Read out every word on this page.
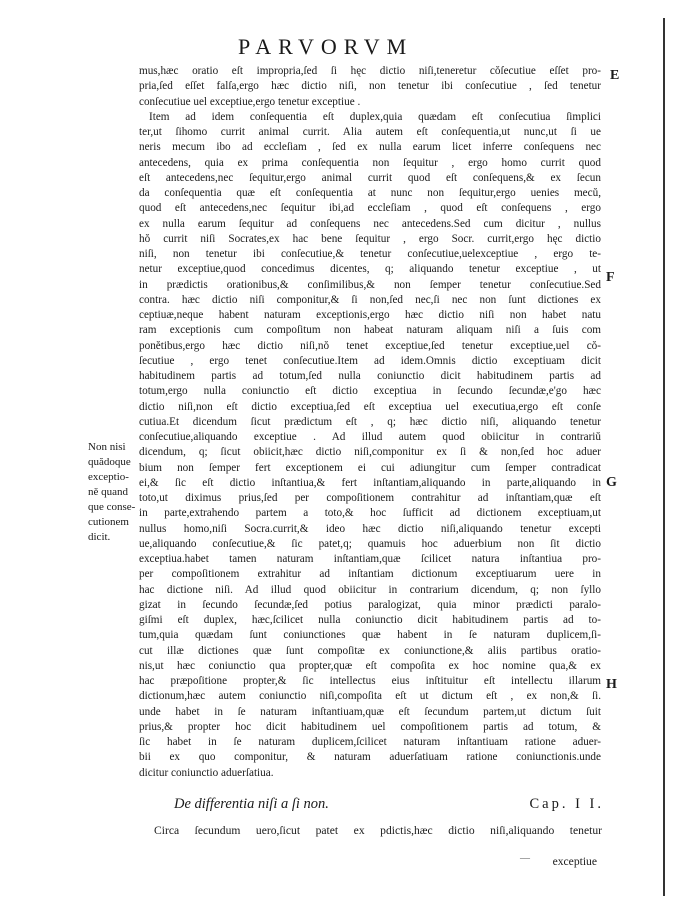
PARVORVM
E
F
G
H
Non nisi
quădoque
exceptio-
ně quand
que conse-
cutionem
dicit.
mus,hæc oratio eſt impropria,ſed ſi hęc dictio niſi,teneretur cŏſecutiue eſſet pro-
pria,ſed eſſet falſa,ergo hæc dictio niſi, non tenetur ibi conſecutiue , ſed tenetur
conſecutiue uel exceptiue,ergo tenetur exceptiue .
Item ad idem conſequentia eſt duplex,quia quædam eſt conſecutiua ſimplici
ter,ut ſihomo currit animal currit. Alia autem eſt conſequentia,ut nunc,ut ſi ue
neris mecum ibo ad eccleſiam , ſed ex nulla earum licet inferre conſequens nec
antecedens, quia ex prima conſequentia non ſequitur , ergo homo currit quod
eſt antecedens,nec ſequitur,ergo animal currit quod eſt conſequens,& ex ſecun
da conſequentia quæ eſt conſequentia at nunc non ſequitur,ergo uenies mecŭ,
quod eſt antecedens,nec ſequitur ibi,ad eccleſiam , quod eſt conſequens , ergo
ex nulla earum ſequitur ad conſequens nec antecedens.Sed cum dicitur , nullus
hŏ currit niſi Socrates,ex hac bene ſequitur , ergo Socr. currit,ergo hęc dictio
niſi, non tenetur ibi conſecutiue,& tenetur conſecutiue,uelexceptiue , ergo te-
netur exceptiue,quod concedimus dicentes, q; aliquando tenetur exceptiue , ut
in prædictis orationibus,& conſimilibus,& non ſemper tenetur conſecutiue.Sed
contra. hæc dictio niſi componitur,& ſi non,ſed nec,ſi nec non ſunt dictiones ex
ceptiuæ,neque habent naturam exceptionis,ergo hæc dictio niſi non habet natu
ram exceptionis cum compoſitum non habeat naturam aliquam niſi a ſuis com
ponĕtibus,ergo hæc dictio niſi,nŏ tenet exceptiue,ſed tenetur exceptiue,uel cŏ-
ſecutiue , ergo tenet conſecutiue.Item ad idem.Omnis dictio exceptiuam dicit
habitudinem partis ad totum,ſed nulla coniunctio dicit habitudinem partis ad
totum,ergo nulla coniunctio eſt dictio exceptiua in ſecundo ſecundæ,e'go hæc
dictio niſi,non eſt dictio exceptiua,ſed eſt exceptiua uel executiua,ergo eſt conſe
cutiua.Et dicendum ſicut prædictum eſt , q; hæc dictio niſi, aliquando tenetur
conſecutiue,aliquando exceptiue . Ad illud autem quod obiicitur in contrariŭ
dicendum, q; ſicut obiicit,hæc dictio niſi,componitur ex ſi & non,ſed hoc aduer
bium non ſemper fert exceptionem ei cui adiungitur cum ſemper contradicat
ei,& ſic eſt dictio inſtantiua,& fert inſtantiam,aliquando in parte,aliquando in
toto,ut diximus prius,ſed per compoſitionem contrahitur ad inſtantiam,quæ eſt
in parte,extrahendo partem a toto,& hoc ſufficit ad dictionem exceptiuam,ut
nullus homo,niſi Socra.currit,& ideo hæc dictio niſi,aliquando tenetur excepti
ue,aliquando conſecutiue,& ſic patet,q; quamuis hoc aduerbium non ſit dictio
exceptiua.habet tamen naturam inſtantiam,quæ ſcilicet natura inſtantiua pro-
per compoſitionem extrahitur ad inſtantiam dictionum exceptiuarum uere in
hac dictione niſi. Ad illud quod obiicitur in contrarium dicendum, q; non ſyllo
gizat in ſecundo ſecundæ,ſed potius paralogizat, quia minor prædicti paralo-
giſmi eſt duplex, hæc,ſcilicet nulla coniunctio dicit habitudinem partis ad to-
tum,quia quædam ſunt coniunctiones quæ habent in ſe naturam duplicem,ſi-
cut illæ dictiones quæ ſunt compoſitæ ex coniunctione,& aliis partibus oratio-
nis,ut hæc coniunctio qua propter,quæ eſt compoſita ex hoc nomine qua,& ex
hac præpoſitione propter,& ſic intellectus eius inſtituitur eſt intellectu illarum
dictionum,hæc autem coniunctio niſi,compoſita eſt ut dictum eſt , ex non,& ſi.
unde habet in ſe naturam inſtantiuam,quæ eſt ſecundum partem,ut dictum ſuit
prius,& propter hoc dicit habitudinem uel compoſitionem partis ad totum, &
ſic habet in ſe naturam duplicem,ſcilicet naturam inſtantiuam ratione aduer-
bii ex quo componitur, & naturam aduerſatiuam ratione coniunctionis.unde
dicitur coniunctio aduerſatiua.
De differentia niſi a ſi non.	Cap. I I.
Circa ſecundum uero,ſicut patet ex pdictis,hæc dictio niſi,aliquando tenetur
— exceptiue
